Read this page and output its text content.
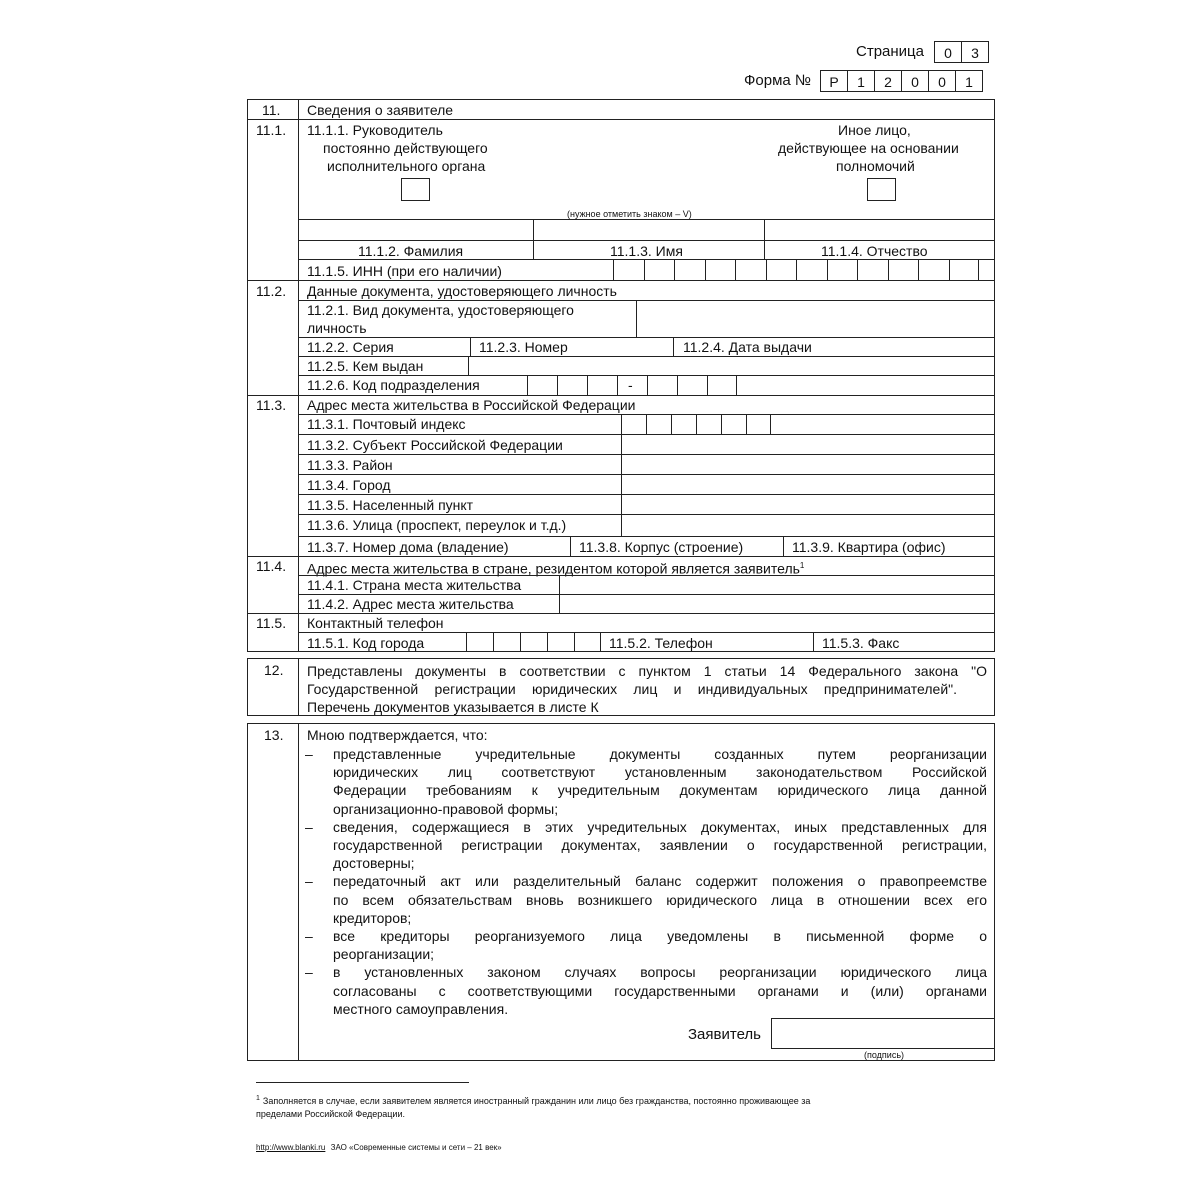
Страница	0	3
Форма №	Р	1	2	0	0	1
11. Сведения о заявителе
11.1. 11.1.1. Руководитель
постоянно действующего
исполнительного органа
Иное лицо,
действующее на основании
полномочий
(нужное отметить знаком – V)
11.1.2. Фамилия	11.1.3. Имя	11.1.4. Отчество
11.1.5. ИНН (при его наличии)
11.2. Данные документа, удостоверяющего личность
11.2.1. Вид документа, удостоверяющего
личность
11.2.2. Серия	11.2.3. Номер	11.2.4. Дата выдачи
11.2.5. Кем выдан
11.2.6. Код подразделения	-
11.3. Адрес места жительства в Российской Федерации
11.3.1. Почтовый индекс
11.3.2. Субъект Российской Федерации
11.3.3. Район
11.3.4. Город
11.3.5. Населенный пункт
11.3.6. Улица (проспект, переулок и т.д.)
11.3.7. Номер дома (владение)	11.3.8. Корпус (строение)	11.3.9. Квартира (офис)
11.4. Адрес места жительства в стране, резидентом которой является заявитель$^1$
11.4.1. Страна места жительства
11.4.2. Адрес места жительства
11.5. Контактный телефон
11.5.1. Код города	11.5.2. Телефон	11.5.3. Факс
12. Представлены документы в соответствии с пунктом 1 статьи 14 Федерального закона "О
Государственной регистрации юридических лиц и индивидуальных предпринимателей".
Перечень документов указывается в листе К
13. Мною подтверждается, что:
– представленные учредительные документы созданных путем реорганизации
юридических лиц соответствуют установленным законодательством Российской
Федерации требованиям к учредительным документам юридического лица данной
организационно-правовой формы;
– сведения, содержащиеся в этих учредительных документах, иных представленных для
государственной регистрации документах, заявлении о государственной регистрации,
достоверны;
– передаточный акт или разделительный баланс содержит положения о правопреемстве
по всем обязательствам вновь возникшего юридического лица в отношении всех его
кредиторов;
– все кредиторы реорганизуемого лица уведомлены в письменной форме о
реорганизации;
– в установленных законом случаях вопросы реорганизации юридического лица
согласованы с соответствующими государственными органами и (или) органами
местного самоуправления.
Заявитель
(подпись)
$^1$ Заполняется в случае, если заявителем является иностранный гражданин или лицо без гражданства, постоянно проживающее за
пределами Российской Федерации.
http://www.blanki.ru ЗАО «Современные системы и сети – 21 век»
